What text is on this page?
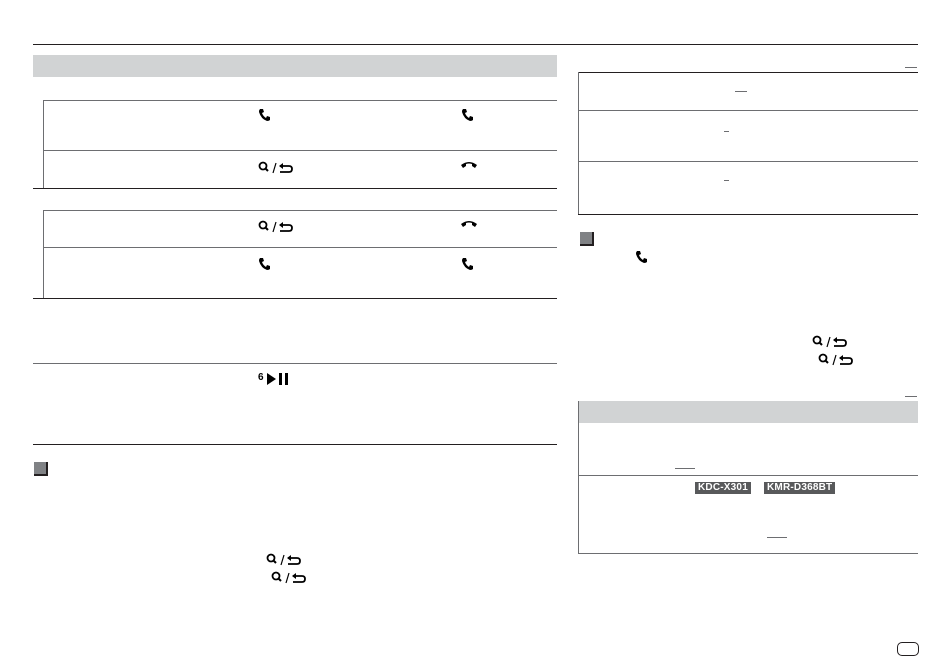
6
KDC-X301	KMR-D368BT
